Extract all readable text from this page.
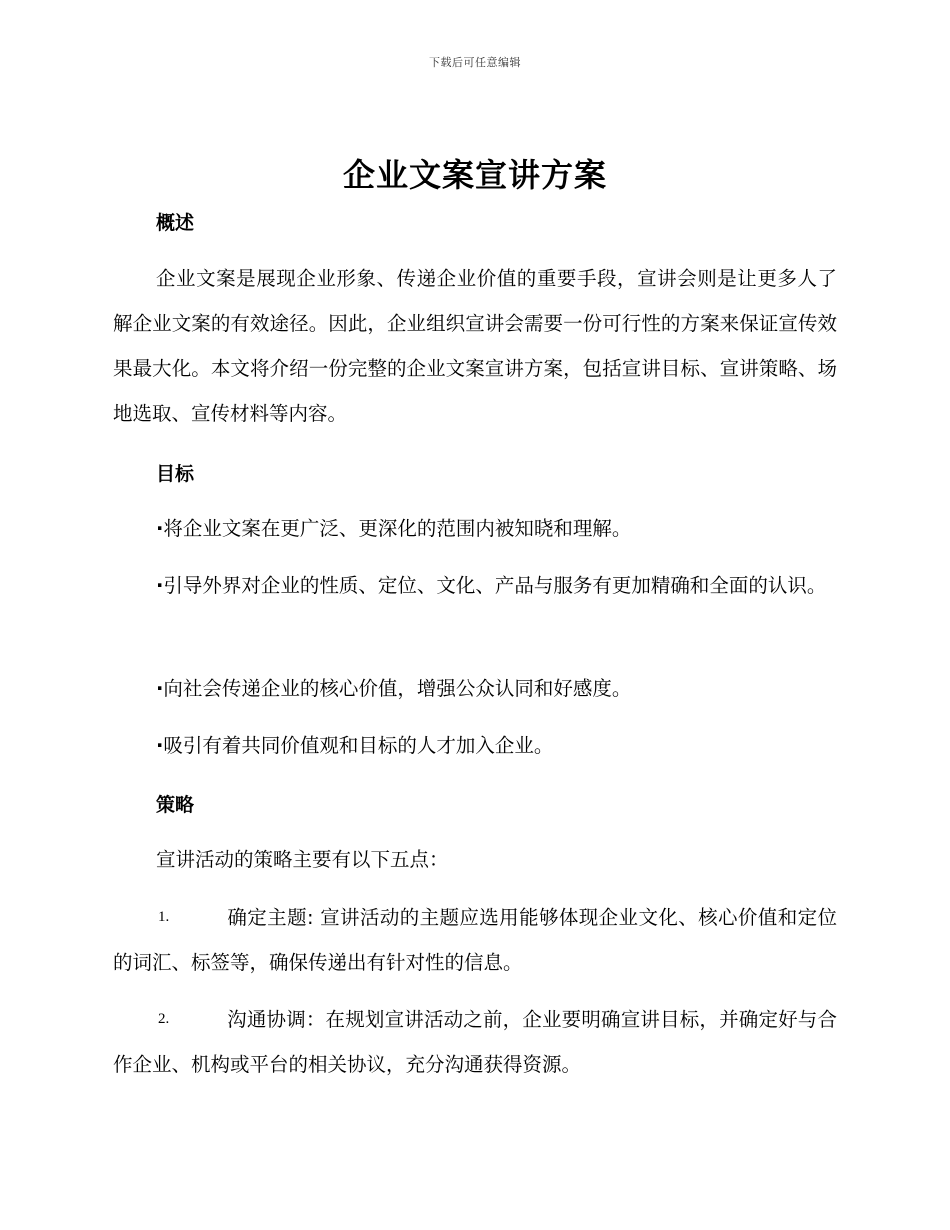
下载后可任意编辑
企业文案宣讲方案
概述
企业文案是展现企业形象、传递企业价值的重要手段，宣讲会则是让更多人了解企业文案的有效途径。因此，企业组织宣讲会需要一份可行性的方案来保证宣传效果最大化。本文将介绍一份完整的企业文案宣讲方案，包括宣讲目标、宣讲策略、场地选取、宣传材料等内容。
目标
·将企业文案在更广泛、更深化的范围内被知晓和理解。
·引导外界对企业的性质、定位、文化、产品与服务有更加精确和全面的认识。
·向社会传递企业的核心价值，增强公众认同和好感度。
·吸引有着共同价值观和目标的人才加入企业。
策略
宣讲活动的策略主要有以下五点：
1.	确定主题: 宣讲活动的主题应选用能够体现企业文化、核心价值和定位的词汇、标签等，确保传递出有针对性的信息。
2.	沟通协调：在规划宣讲活动之前，企业要明确宣讲目标，并确定好与合作企业、机构或平台的相关协议，充分沟通获得资源。
